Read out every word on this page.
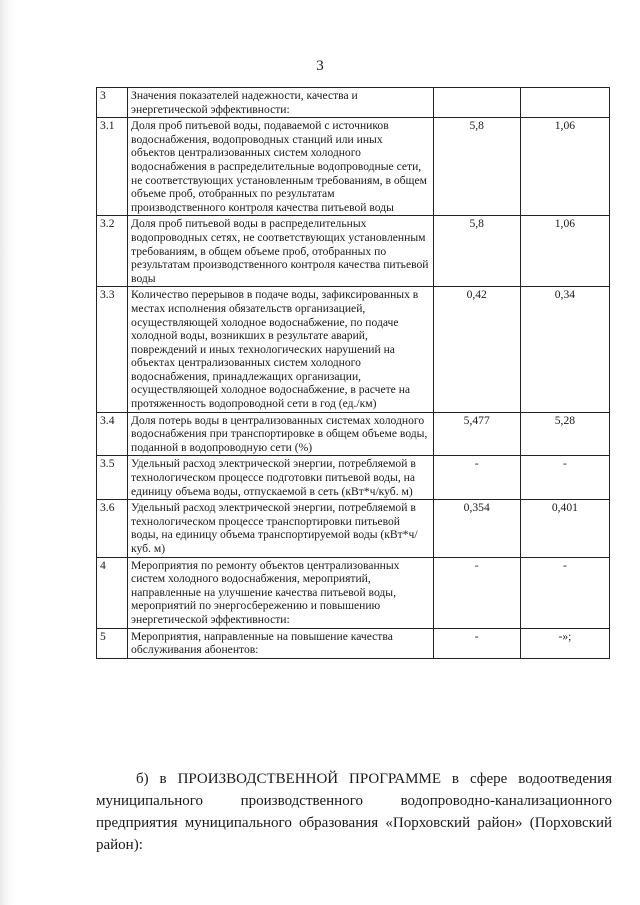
3
3	Значения показателей надежности, качества и энергетической эффективности:		
3.1	Доля проб питьевой воды, подаваемой с источников водоснабжения, водопроводных станций или иных объектов централизованных систем холодного водоснабжения в распределительные водопроводные сети, не соответствующих установленным требованиям, в общем объеме проб, отобранных по результатам производственного контроля качества питьевой воды	5,8	1,06
3.2	Доля проб питьевой воды в распределительных водопроводных сетях, не соответствующих установленным требованиям, в общем объеме проб, отобранных по результатам производственного контроля качества питьевой воды	5,8	1,06
3.3	Количество перерывов в подаче воды, зафиксированных в местах исполнения обязательств организацией, осуществляющей холодное водоснабжение, по подаче холодной воды, возникших в результате аварий, повреждений и иных технологических нарушений на объектах централизованных систем холодного водоснабжения, принадлежащих организации, осуществляющей холодное водоснабжение, в расчете на протяженность водопроводной сети в год (ед./км)	0,42	0,34
3.4	Доля потерь воды в централизованных системах холодного водоснабжения при транспортировке в общем объеме воды, поданной в водопроводную сети (%)	5,477	5,28
3.5	Удельный расход электрической энергии, потребляемой в технологическом процессе подготовки питьевой воды, на единицу объема воды, отпускаемой в сеть (кВт*ч/куб. м)	-	-
3.6	Удельный расход электрической энергии, потребляемой в технологическом процессе транспортировки питьевой воды, на единицу объема транспортируемой воды (кВт*ч/куб. м)	0,354	0,401
4	Мероприятия по ремонту объектов централизованных систем холодного водоснабжения, мероприятий, направленные на улучшение качества питьевой воды, мероприятий по энергосбережению и повышению энергетической эффективности:	-	-
5	Мероприятия, направленные на повышение качества обслуживания абонентов:	-	-»;
б) в ПРОИЗВОДСТВЕННОЙ ПРОГРАММЕ в сфере водоотведения
муниципального производственного водопроводно-канализационного
предприятия муниципального образования «Порховский район» (Порховский
район):
